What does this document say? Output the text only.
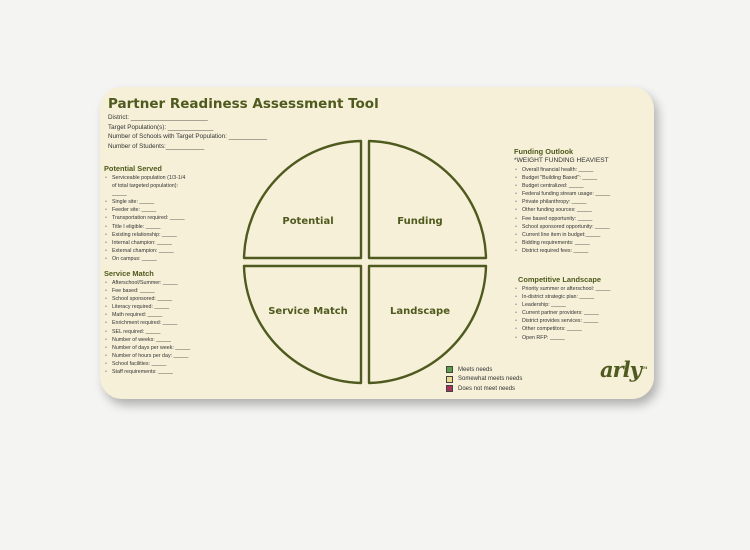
Partner Readiness Assessment Tool
District: ______________________
Target Population(s): _____________
Number of Schools with Target Population: ___________
Number of Students:___________
Potential Served
• Serviceable population (1/3-1/4 of total targeted population): _____
• Single site: _____
• Feeder site: _____
• Transportation required: _____
• Title I eligible: _____
• Existing relationship: _____
• Internal champion: _____
• External champion: _____
• On campus: _____
Service Match
• Afterschool/Summer: _____
• Fee based: _____
• School sponsored: _____
• Literacy required: _____
• Math required: _____
• Enrichment required: _____
• SEL required: _____
• Number of weeks: _____
• Number of days per week: _____
• Number of hours per day: _____
• School facilities: _____
• Staff requirements: _____
Funding Outlook
*WEIGHT FUNDING HEAVIEST
• Overall financial health: _____
• Budget "Building Based": _____
• Budget centralized: _____
• Federal funding stream usage: _____
• Private philanthropy: _____
• Other funding sources: _____
• Fee based opportunity: _____
• School sponsored opportunity: _____
• Current line item in budget:_____
• Bidding requirements: _____
• District required fees: _____
Competitive Landscape
• Priority summer or afterschool: _____
• In-district strategic plan: _____
• Leadership: _____
• Current partner providers: _____
• District provides services: _____
• Other competitors: _____
• Open RFP: _____
Potential	Funding
Service Match	Landscape
Meets needs
Somewhat meets needs
Does not meet needs
arly™
